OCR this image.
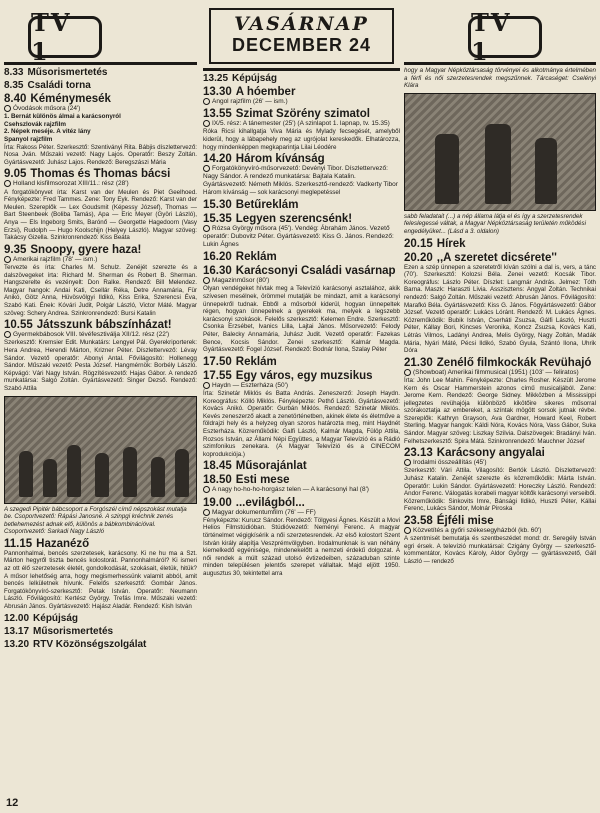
TV 1
8.33 Műsorismertetés
8.35 Családi torna
8.40 Kéménymesék
Óvodások műsora (24')
1. Bernát különös álmai a karácsonyról
Csehszlovák rajzfilm
2. Népek meséje. A vitéz lány
Spanyol rajzfilm
Írta: Rakoss Péter. Szerkesztő: Szentiványi Rita. Bábjis díszlettervező: Nosa Jván. Műszaki vezető: Nagy Lajos. Operatőr: Beszy Zoltán. Gyártásvezető: Juhász Lajos. Rendező: Beregszászi Mária
9.05 Thomas és Thomas bácsi
Holland kisfilmsorozat XIII/11.: rész (28')
A forgatókönyvet írta: Karst van der Meulen és Piet Geelhoed. Fényképezte: Fred Tammes. Zene: Tony Eyk. Rendező: Karst van der Meulen. Szereplők — Lex Goudsmit (Képessy József), Thomas — Bart Steenbeek (Boliba Tamás), Apa — Eric Meyer (Györi László), Anya — Els Ingeborg Smits, Barónő — Georgette Hagedoorn (Vasy Erzsi), Rudolph — Hugo Koolschijn (Helyey László). Magyar szöveg: Takácsy Gizella. Szinkronrendező: Kiss Beáta
9.35 Snoopy, gyere haza!
Amerikai rajzfilm (78' — ism.)
Tervezte és írta: Charles M. Schulz. Zenéjét szerezte és a dalszövegeket írta: Richard M. Sherman és Robert B. Sherman. Hangszerelte és vezényelt: Don Ralke. Rendező: Bill Melendez. Magyar hangok: Andai Kati, Csellár Réka, Detre Annamária, Für Anikó, Götz Anna, Hüvösvölgyi Ildikó, Kiss Erika, Szerencsi Éva, Szabó Kati. Ének: Kóvári Judit, Polgár László, Victor Máté. Magyar szöveg: Schery Andrea. Szinkronrendező: Bursi Katalin
10.55 Játsszunk bábszínházat!
Gyermekbábosok VIII. tévéfesztiválja XII/12. rész (22')
Szerkesztő: Kremsier Edit. Munkatárs: Lengyel Pál. Gyerekriporterek: Hera Andrea, Herendi Márton, Krizner Péter. Díszlettervező: Lévay Sándor. Vezető operatőr: Abonyi Antal. Fővilágosító: Hollenegg Sándor. Műszaki vezető: Pesta József. Hangmérnök: Borbély László. Képvágó: Vári Nagy István. Rögzítésvezető: Hajas Gábor. A rendező munkatársa: Salgó Zoltán. Gyártásvezető: Singer Dezső. Rendező: Szabó Attila
A szegedi Pipitér bábcsoport a Forgószél című népszokást mutatja be. Csoportvezető: Rápási Janosné. A szinpgi kréchnik zenés betlehemezést adnak elő, különös a bábkombinációval. Csoportvezető: Sarkadi Nagy László
11.15 Hazanéző
Pannonhalmai, bencés szerzetesek, karácsony. Ki ne hu ma a Szt. Márton hegyről tiszta bencés kolostorát. Pannonhalmáról? Ki ismeri az ott élő szerzetesek életét, gondolkodását, szokásait, életük, hitük? A műsor lehetőség arra, hogy megismerhessünk valamit abból, amit bencés lelkületnek hívunk. Felelős szerkesztő: Gombár János. Forgatókönyvíró-szerkesztő: Petak István. Operatőr: Neumann László. Fővilágosító: Kertész György. Trefás Imre. Műszaki vezető: Abrusán János. Gyártásvezető: Hajász Aladár. Rendező: Kish István
12.00 Képújság
13.17 Műsorismertetés
13.20 RTV Közönségszolgálat
12
VASÁRNAP
DECEMBER 24
13.25 Képújság
13.30 A hóember
Angol rajzfilm (26' — ism.)
13.55 Szimat Szörény szimatol
IX/5. rész: A tánemester (25') (A szinlapot 1. lapnap, tv. 15.35)
Róka Ricsi kihallgatja Viva Mária és Mylady fecsegését, amelyből kiderül, hogy a lábapehely meg az ugrójolat kereskedők. Elhatározza, hogy mindenképpen megkaparintja Lilai Léodére
14.20 Három kívánság
Forgatókönyvíró-műsorvezető: Devényi Tibor. Díszlettervező: Nagy Sándor. A rendező munkatársa: Bajtala Katalin. Gyártásvezető: Németh Miklós. Szerkesztő-rendező: Vadkerty Tibor
Három kívánság — sok karácsonyi meglepetéssel
15.30 Betűreklám
15.35 Legyen szerencsénk!
Rózsa György műsora (45'). Vendég: Ábrahám János. Vezető operatőr: Dubovitz Péter. Gyártásvezető: Kiss G. János. Rendező: Lukin Ágnes
16.20 Reklám
16.30 Karácsonyi Családi vasárnap
Magazinműsor (80')
Olyan vendégeket hívtak meg a Televízió karácsonyi asztalához, akik szívesen mesélnek, örömmel mutatják be mindazt, amit a karácsonyi ünnepekről tudnak. Ebből a műsorból kiderül, hogyan ünnepeltek régen, hogyan ünnepelnek a gyerekek ma, melyek a legszebb karácsonyi szokások. Felelős szerkesztő: Kelemen Endre. Szerkesztő: Csonka Erzsébet, Ivanics Lilla, Lajtai János. Műsorvezető: Felody Péter, Balecky Annamária, Juhász Judit. Vezető operatőr: Fazekas Bence, Kocsis Sándor. Zenei szerkesztő: Kalmár Magda. Gyártásvezető: Fogel József. Rendező: Bodnár Ilona, Szalay Péter
17.50 Reklám
17.55 Egy város, egy muzsikus
Haydn — Eszterháza (50')
Írta: Szinetár Miklós és Batta András. Zeneszerző: Joseph Haydn. Koreográfus: Kölló Miklós. Fényképezte: Pethő László. Gyártásvezető: Kovács Anikó. Operatőr: Gurbán Miklós. Rendező: Szinetár Miklós. Kevés zeneszerző akadt a zenetörténetben, akinek élete és életműve a földrajzi hely és a helyzeg olyan szoros határozta meg, mint Haydnét Eszterháza. Közreműködik: Galfi László, Kalmár Magda, Fülöp Attila, Rozsos István, az Állami Népi Együttes, a Magyar Televízió és a Rádió szimfonikus zenekara. (A Magyar Televízió és a CINECOM koprodukciója.)
18.45 Műsorajánlat
18.50 Esti mese
A nagy ho-ho-ho-horgász telen — A karácsonyi hal (8')
19.00 ...evilágból...
Magyar dokumentumfilm (76' — FF)
Fényképezte: Kurucz Sándor. Rendező: Tölgyesi Ágnes. Készült a Movi Helios Filmstúdióban. Stúdióvezető: Neményi Ferenc. A magyar történelmet végigkísérik a női szerzetesrendek. Az első kolostort Szent István király alapítja Veszprémvölgyben. Irodalmunknak is van néhány kiemelkedő egyénisége, mindenekelőtt a nemzeti érdekű dolgozat. A női rendek a múlt század utolsó évtizedeiben, századuban szinte minden településen jelentős szerepet vállaltak. Majd eljött 1950. augusztus 30, tekintettel arra
TV 1
hogy a Magyar Népköztársaság törvényei és alkotmánya értelmében a férfi és női szerzetesrendek megszűnnek. Tárcaséget: Cselényi Klára
sabb feladatait (...) a nép állama látja el és így a szerzetesrendek feleslegessé váltak, a Magyar Népköztársaság területén működési engedélyüket... (Lásd a 3. oldalon)
20.15 Hírek
20.20 ,,A szeretet dicsérete''
Ezen a szép ünnepen a szeretetről kíván szólni a dal is, vers, a tánc (70'). Szerkesztő: Kolozsi Béla. Zenei vezető: Kocsák Tibor. Koreográfus: Lászlo Péter. Díszlet: Langmár András. Jelmez: Tóth Barna. Maszk: Haraszti Livia. Asszisztens: Angyal Zoltán. Technikai rendező: Salgó Zoltán. Műszaki vezető: Abrusán János. Fővilágosító: Marafkó Béla. Gyártásvezető: Kiss G. János. Fögyártásvezető: Gábor József. Vezető operatőr: Lukács Lóránt. Rendező: M. Lukács Ágnes. Közreműködik: Bubik István, Cserháti Zsuzsa, Gálfi László, Huszti Péter, Kállay Bori, Kincses Veronika, Koncz Zsuzsa, Kovács Kati, Létrás Vilmos, Ladányi Andrea, Melis György, Nagy Zoltán, Madák Mária, Nyári Máté, Pécsi Ildikó, Szabó Gyula, Szántó Ilona, Uhrik Dóra
21.30 Zenélő filmkockák Revühajó
(Showboat) Amerikai filmmusical (1951) (103' — feliratos)
Írta: John Lee Mahin. Fényképezte: Charles Rosher. Készült Jerome Kern és Oscar Hammerstein azonos című musicaljából. Zene: Jerome Kern. Rendező: George Sidney. Mikközben a Mississippi jellegzetes revühajója különböző kikötőire sikeres műsorral szórakoztatja az embereket, a színtak mögött sorsok jutnak révbe. Szereplők: Kathryn Grayson, Ava Gardner, Howard Keel, Robert Sterling. Magyar hangok: Káldi Nóra, Kovács Nóra, Vass Gábor, Suka Sándor. Magyar szöveg: Liszkay Szilvia. Dalszövegek: Bradányi Iván. Felhetszerkesztő: Spira Mátá. Szinkronrendező: Mauchner József
23.13 Karácsony angyalai
Irodalmi összeállítás (45')
Szerkesztő: Vári Attila. Vilagosító: Bertók László. Díszlettervező: Juhász Katalin. Zenéjét szerezte és közreműködik: Márta István. Operatőr: Lukin Sándor. Gyártásvezető: Horeczky László. Rendező: Andor Ferenc. Válogatás korabeli magyar költők karácsonyi verseiből. Közreműködik: Sinkovits Imre, Bánsági Ildikó, Huszti Péter, Kállai Ferenc, Lukács Sándor, Molnár Piroska
23.58 Éjféli mise
Közvetítés a győri székesegyházból (kb. 60')
A szentmisét bemutatja és szentbeszédet mond: dr. Seregély István egri érsek. A televízió munkatársai: Czigány György — szerkesztő-kommentátor, Kovács Károly, Aldor György — gyártásvezető, Gáll László — rendező
